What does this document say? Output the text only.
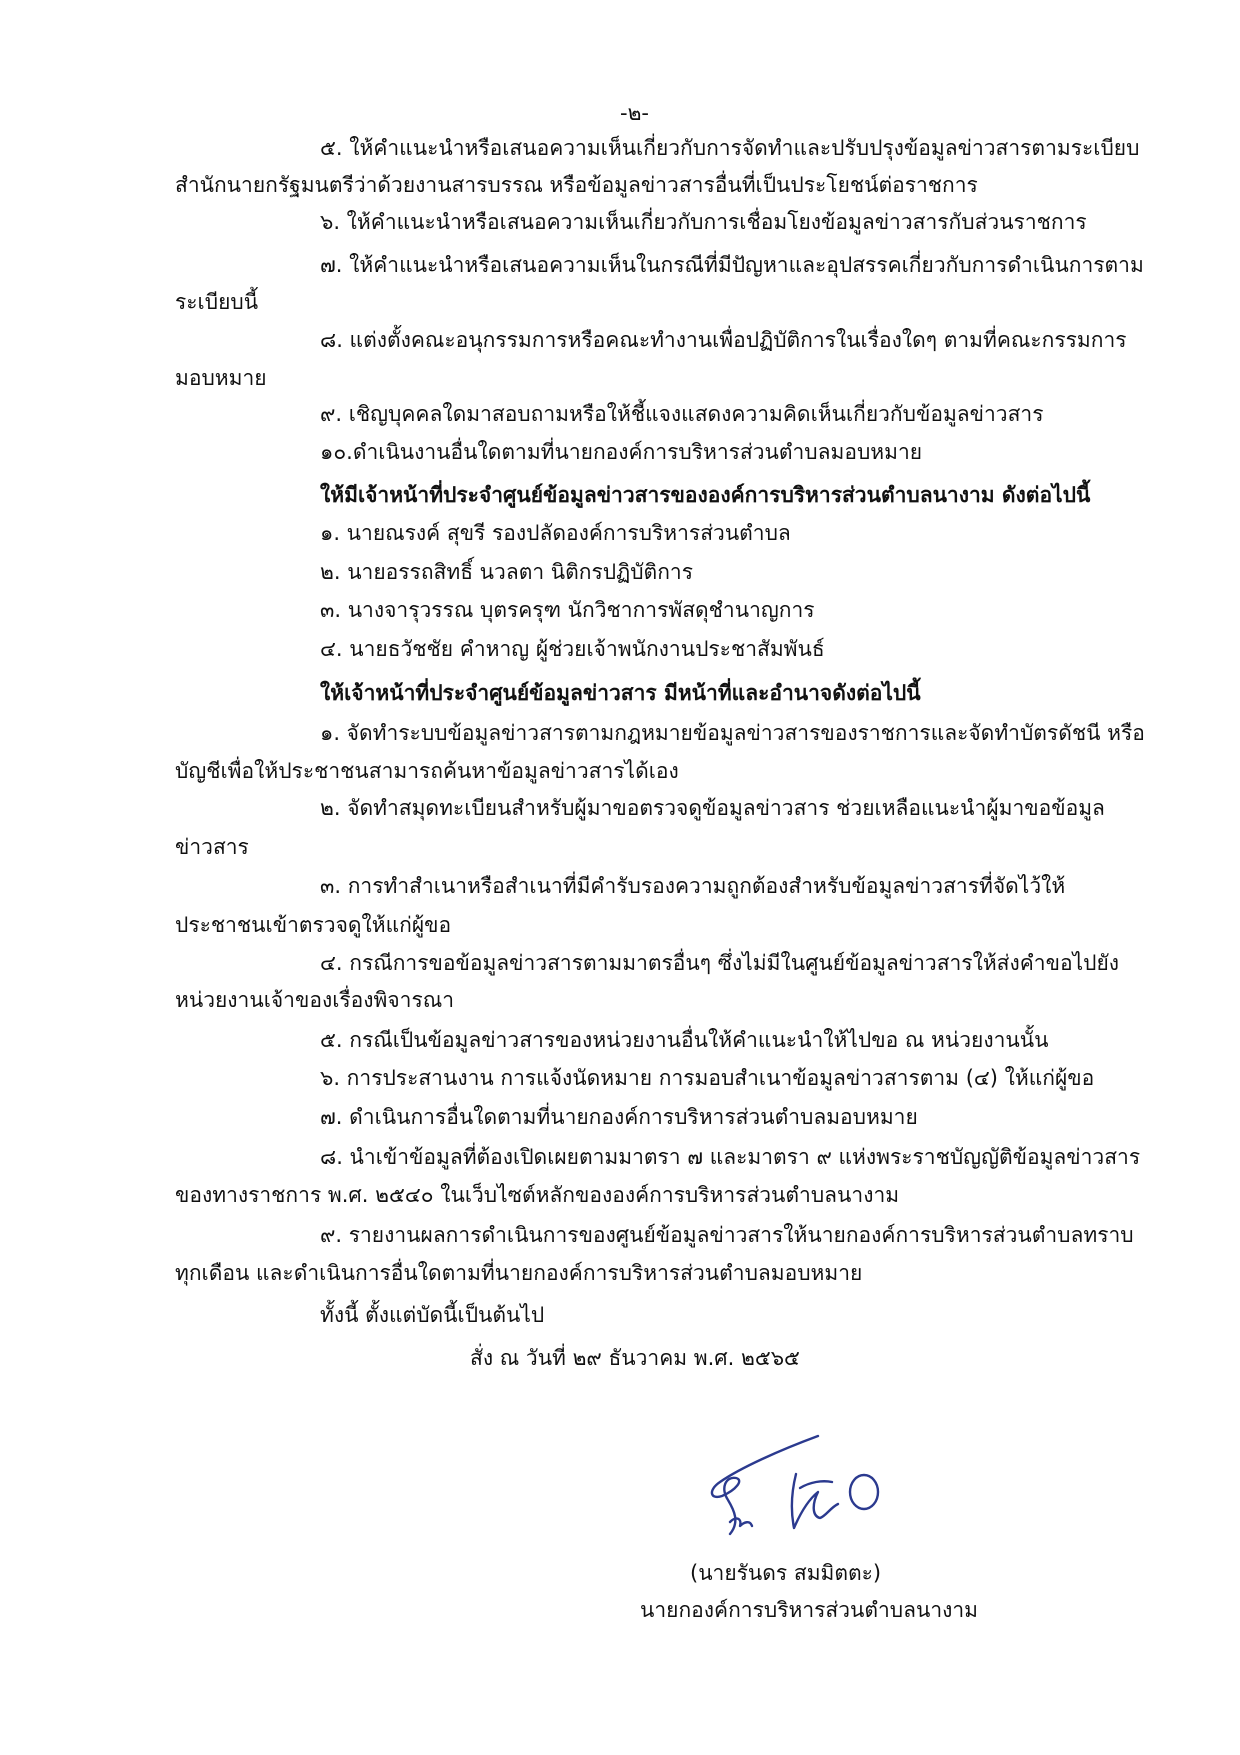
-๒-
๕. ให้คำแนะนำหรือเสนอความเห็นเกี่ยวกับการจัดทำและปรับปรุงข้อมูลข่าวสารตามระเบียบ
สำนักนายกรัฐมนตรีว่าด้วยงานสารบรรณ หรือข้อมูลข่าวสารอื่นที่เป็นประโยชน์ต่อราชการ
๖. ให้คำแนะนำหรือเสนอความเห็นเกี่ยวกับการเชื่อมโยงข้อมูลข่าวสารกับส่วนราชการ
๗. ให้คำแนะนำหรือเสนอความเห็นในกรณีที่มีปัญหาและอุปสรรคเกี่ยวกับการดำเนินการตาม
ระเบียบนี้
๘. แต่งตั้งคณะอนุกรรมการหรือคณะทำงานเพื่อปฏิบัติการในเรื่องใดๆ ตามที่คณะกรรมการ
มอบหมาย
๙. เชิญบุคคลใดมาสอบถามหรือให้ชี้แจงแสดงความคิดเห็นเกี่ยวกับข้อมูลข่าวสาร
๑๐.ดำเนินงานอื่นใดตามที่นายกองค์การบริหารส่วนตำบลมอบหมาย
ให้มีเจ้าหน้าที่ประจำศูนย์ข้อมูลข่าวสารขององค์การบริหารส่วนตำบลนางาม ดังต่อไปนี้
๑. นายณรงค์ สุขรี รองปลัดองค์การบริหารส่วนตำบล
๒. นายอรรถสิทธิ์ นวลตา นิติกรปฏิบัติการ
๓. นางจารุวรรณ บุตรครุฑ นักวิชาการพัสดุชำนาญการ
๔. นายธวัชชัย คำหาญ ผู้ช่วยเจ้าพนักงานประชาสัมพันธ์
ให้เจ้าหน้าที่ประจำศูนย์ข้อมูลข่าวสาร มีหน้าที่และอำนาจดังต่อไปนี้
๑. จัดทำระบบข้อมูลข่าวสารตามกฎหมายข้อมูลข่าวสารของราชการและจัดทำบัตรดัชนี หรือ
บัญชีเพื่อให้ประชาชนสามารถค้นหาข้อมูลข่าวสารได้เอง
๒. จัดทำสมุดทะเบียนสำหรับผู้มาขอตรวจดูข้อมูลข่าวสาร ช่วยเหลือแนะนำผู้มาขอข้อมูล
ข่าวสาร
๓. การทำสำเนาหรือสำเนาที่มีคำรับรองความถูกต้องสำหรับข้อมูลข่าวสารที่จัดไว้ให้
ประชาชนเข้าตรวจดูให้แก่ผู้ขอ
๔. กรณีการขอข้อมูลข่าวสารตามมาตรอื่นๆ ซึ่งไม่มีในศูนย์ข้อมูลข่าวสารให้ส่งคำขอไปยัง
หน่วยงานเจ้าของเรื่องพิจารณา
๕. กรณีเป็นข้อมูลข่าวสารของหน่วยงานอื่นให้คำแนะนำให้ไปขอ ณ หน่วยงานนั้น
๖. การประสานงาน การแจ้งนัดหมาย การมอบสำเนาข้อมูลข่าวสารตาม (๔) ให้แก่ผู้ขอ
๗. ดำเนินการอื่นใดตามที่นายกองค์การบริหารส่วนตำบลมอบหมาย
๘. นำเข้าข้อมูลที่ต้องเปิดเผยตามมาตรา ๗ และมาตรา ๙ แห่งพระราชบัญญัติข้อมูลข่าวสาร
ของทางราชการ พ.ศ. ๒๕๔๐ ในเว็บไซต์หลักขององค์การบริหารส่วนตำบลนางาม
๙. รายงานผลการดำเนินการของศูนย์ข้อมูลข่าวสารให้นายกองค์การบริหารส่วนตำบลทราบ
ทุกเดือน และดำเนินการอื่นใดตามที่นายกองค์การบริหารส่วนตำบลมอบหมาย
ทั้งนี้ ตั้งแต่บัดนี้เป็นต้นไป
สั่ง ณ วันที่ ๒๙ ธันวาคม พ.ศ. ๒๕๖๕
(นายรันดร สมมิตตะ)
นายกองค์การบริหารส่วนตำบลนางาม
